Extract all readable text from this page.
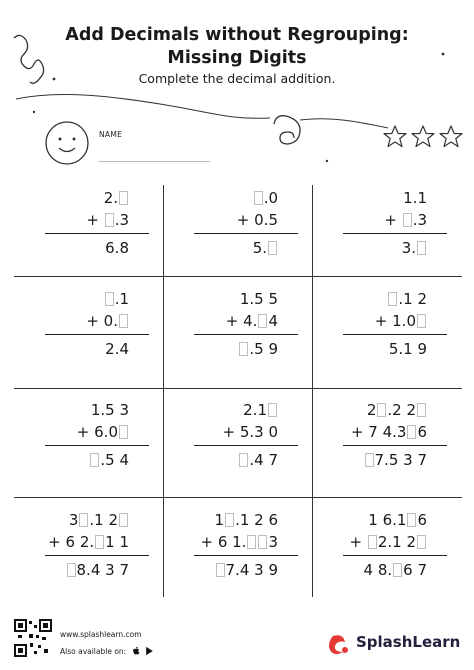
Add Decimals without Regrouping:
Missing Digits
Complete the decimal addition.
NAME
2.
+ .3
6.8
.0
+ 0.5
5.
1.1
+ .3
3.
.1
+ 0.
2.4
1.5 5
+ 4. 4
.5 9
.1 2
+ 1.0
5.1 9
1.5 3
+ 6.0
.5 4
2.1
+ 5.3 0
.4 7
2 .2 2
+ 7 4.3 6
7.5 3 7
3 .1 2
+ 6 2. 1 1
8.4 3 7
1 .1 2 6
+ 6 1. 3
7.4 3 9
1 6.1 6
+ 2.1 2
4 8. 6 7
www.splashlearn.com
Also available on:
SplashLearn
